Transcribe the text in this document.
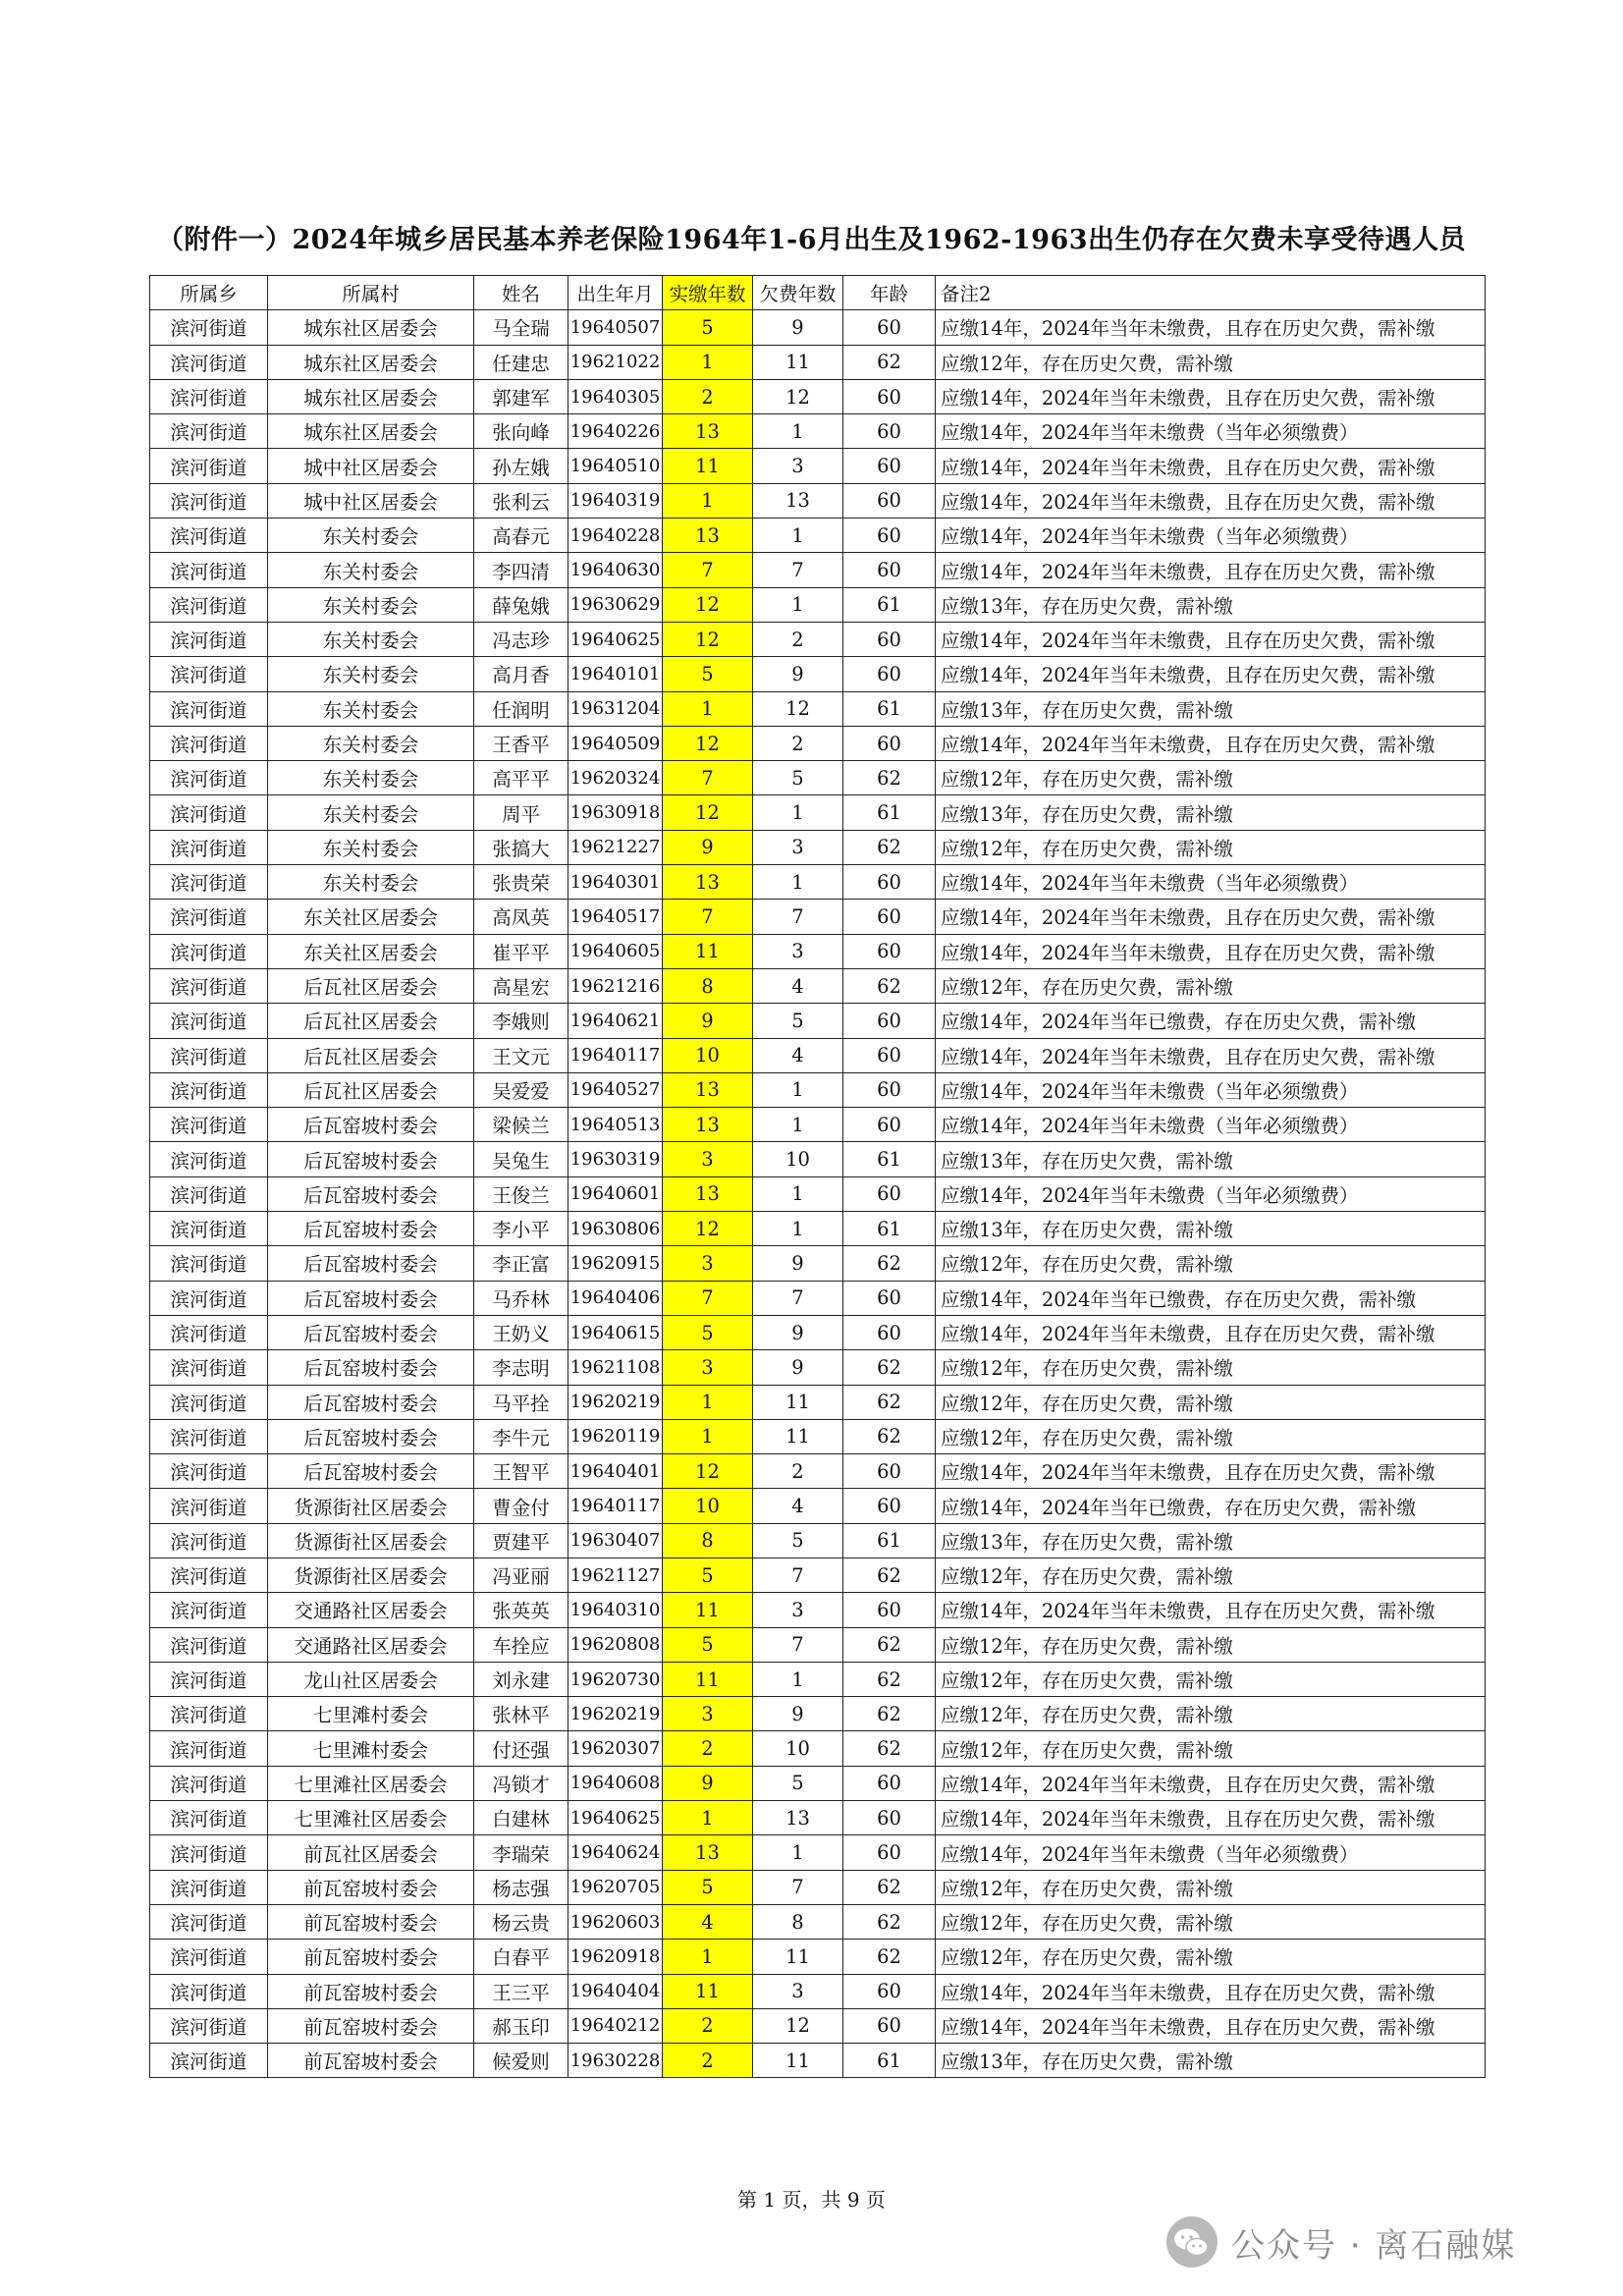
（附件一）2024年城乡居民基本养老保险1964年1-6月出生及1962-1963出生仍存在欠费未享受待遇人员
所属乡	所属村	姓名	出生年月	实缴年数	欠费年数	年龄	备注2
滨河街道	城东社区居委会	马全瑞	19640507	5	9	60	应缴14年，2024年当年未缴费，且存在历史欠费，需补缴
滨河街道	城东社区居委会	任建忠	19621022	1	11	62	应缴12年，存在历史欠费，需补缴
滨河街道	城东社区居委会	郭建军	19640305	2	12	60	应缴14年，2024年当年未缴费，且存在历史欠费，需补缴
滨河街道	城东社区居委会	张向峰	19640226	13	1	60	应缴14年，2024年当年未缴费（当年必须缴费）
滨河街道	城中社区居委会	孙左娥	19640510	11	3	60	应缴14年，2024年当年未缴费，且存在历史欠费，需补缴
滨河街道	城中社区居委会	张利云	19640319	1	13	60	应缴14年，2024年当年未缴费，且存在历史欠费，需补缴
滨河街道	东关村委会	高春元	19640228	13	1	60	应缴14年，2024年当年未缴费（当年必须缴费）
滨河街道	东关村委会	李四清	19640630	7	7	60	应缴14年，2024年当年未缴费，且存在历史欠费，需补缴
滨河街道	东关村委会	薛兔娥	19630629	12	1	61	应缴13年，存在历史欠费，需补缴
滨河街道	东关村委会	冯志珍	19640625	12	2	60	应缴14年，2024年当年未缴费，且存在历史欠费，需补缴
滨河街道	东关村委会	高月香	19640101	5	9	60	应缴14年，2024年当年未缴费，且存在历史欠费，需补缴
滨河街道	东关村委会	任润明	19631204	1	12	61	应缴13年，存在历史欠费，需补缴
滨河街道	东关村委会	王香平	19640509	12	2	60	应缴14年，2024年当年未缴费，且存在历史欠费，需补缴
滨河街道	东关村委会	高平平	19620324	7	5	62	应缴12年，存在历史欠费，需补缴
滨河街道	东关村委会	周平	19630918	12	1	61	应缴13年，存在历史欠费，需补缴
滨河街道	东关村委会	张搞大	19621227	9	3	62	应缴12年，存在历史欠费，需补缴
滨河街道	东关村委会	张贵荣	19640301	13	1	60	应缴14年，2024年当年未缴费（当年必须缴费）
滨河街道	东关社区居委会	高凤英	19640517	7	7	60	应缴14年，2024年当年未缴费，且存在历史欠费，需补缴
滨河街道	东关社区居委会	崔平平	19640605	11	3	60	应缴14年，2024年当年未缴费，且存在历史欠费，需补缴
滨河街道	后瓦社区居委会	高星宏	19621216	8	4	62	应缴12年，存在历史欠费，需补缴
滨河街道	后瓦社区居委会	李娥则	19640621	9	5	60	应缴14年，2024年当年已缴费，存在历史欠费，需补缴
滨河街道	后瓦社区居委会	王文元	19640117	10	4	60	应缴14年，2024年当年未缴费，且存在历史欠费，需补缴
滨河街道	后瓦社区居委会	吴爱爱	19640527	13	1	60	应缴14年，2024年当年未缴费（当年必须缴费）
滨河街道	后瓦窑坡村委会	梁候兰	19640513	13	1	60	应缴14年，2024年当年未缴费（当年必须缴费）
滨河街道	后瓦窑坡村委会	吴兔生	19630319	3	10	61	应缴13年，存在历史欠费，需补缴
滨河街道	后瓦窑坡村委会	王俊兰	19640601	13	1	60	应缴14年，2024年当年未缴费（当年必须缴费）
滨河街道	后瓦窑坡村委会	李小平	19630806	12	1	61	应缴13年，存在历史欠费，需补缴
滨河街道	后瓦窑坡村委会	李正富	19620915	3	9	62	应缴12年，存在历史欠费，需补缴
滨河街道	后瓦窑坡村委会	马乔林	19640406	7	7	60	应缴14年，2024年当年已缴费，存在历史欠费，需补缴
滨河街道	后瓦窑坡村委会	王奶义	19640615	5	9	60	应缴14年，2024年当年未缴费，且存在历史欠费，需补缴
滨河街道	后瓦窑坡村委会	李志明	19621108	3	9	62	应缴12年，存在历史欠费，需补缴
滨河街道	后瓦窑坡村委会	马平拴	19620219	1	11	62	应缴12年，存在历史欠费，需补缴
滨河街道	后瓦窑坡村委会	李牛元	19620119	1	11	62	应缴12年，存在历史欠费，需补缴
滨河街道	后瓦窑坡村委会	王智平	19640401	12	2	60	应缴14年，2024年当年未缴费，且存在历史欠费，需补缴
滨河街道	货源街社区居委会	曹金付	19640117	10	4	60	应缴14年，2024年当年已缴费，存在历史欠费，需补缴
滨河街道	货源街社区居委会	贾建平	19630407	8	5	61	应缴13年，存在历史欠费，需补缴
滨河街道	货源街社区居委会	冯亚丽	19621127	5	7	62	应缴12年，存在历史欠费，需补缴
滨河街道	交通路社区居委会	张英英	19640310	11	3	60	应缴14年，2024年当年未缴费，且存在历史欠费，需补缴
滨河街道	交通路社区居委会	车拴应	19620808	5	7	62	应缴12年，存在历史欠费，需补缴
滨河街道	龙山社区居委会	刘永建	19620730	11	1	62	应缴12年，存在历史欠费，需补缴
滨河街道	七里滩村委会	张林平	19620219	3	9	62	应缴12年，存在历史欠费，需补缴
滨河街道	七里滩村委会	付还强	19620307	2	10	62	应缴12年，存在历史欠费，需补缴
滨河街道	七里滩社区居委会	冯锁才	19640608	9	5	60	应缴14年，2024年当年未缴费，且存在历史欠费，需补缴
滨河街道	七里滩社区居委会	白建林	19640625	1	13	60	应缴14年，2024年当年未缴费，且存在历史欠费，需补缴
滨河街道	前瓦社区居委会	李瑞荣	19640624	13	1	60	应缴14年，2024年当年未缴费（当年必须缴费）
滨河街道	前瓦窑坡村委会	杨志强	19620705	5	7	62	应缴12年，存在历史欠费，需补缴
滨河街道	前瓦窑坡村委会	杨云贵	19620603	4	8	62	应缴12年，存在历史欠费，需补缴
滨河街道	前瓦窑坡村委会	白春平	19620918	1	11	62	应缴12年，存在历史欠费，需补缴
滨河街道	前瓦窑坡村委会	王三平	19640404	11	3	60	应缴14年，2024年当年未缴费，且存在历史欠费，需补缴
滨河街道	前瓦窑坡村委会	郝玉印	19640212	2	12	60	应缴14年，2024年当年未缴费，且存在历史欠费，需补缴
滨河街道	前瓦窑坡村委会	候爱则	19630228	2	11	61	应缴13年，存在历史欠费，需补缴
第 1 页，共 9 页
公众号 · 离石融媒
